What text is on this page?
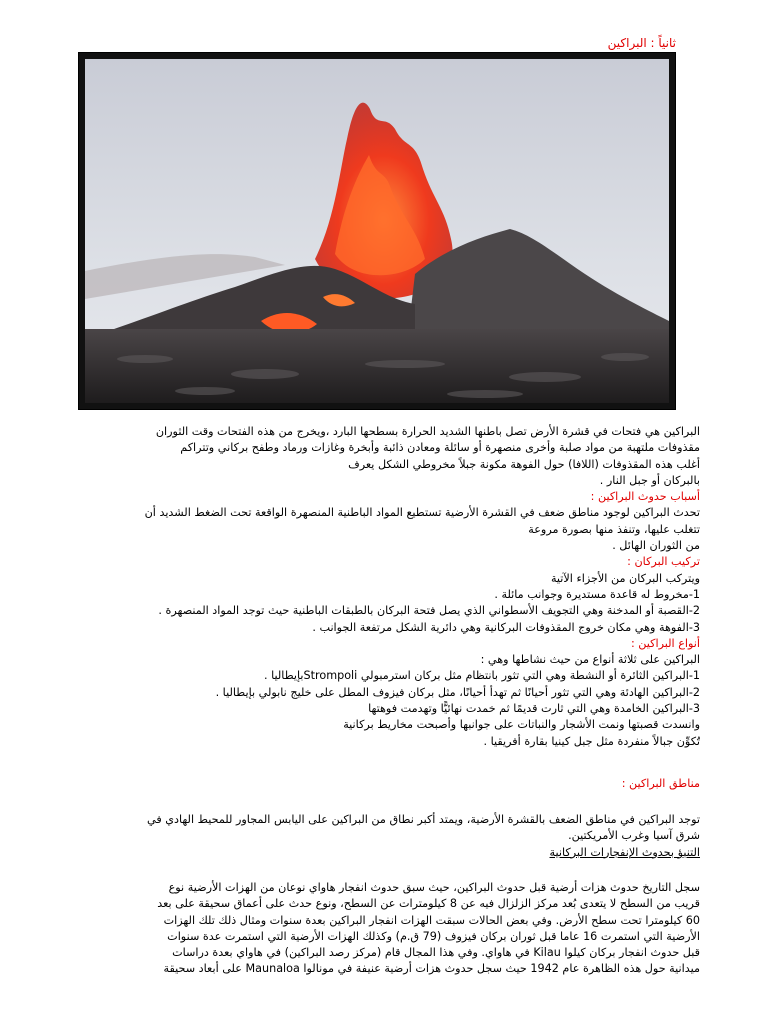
ثانياً : البراكين

البراكين هي فتحات في قشرة الأرض تصل باطنها الشديد الحرارة بسطحها البارد ،ويخرج من هذه الفتحات وقت الثوران

مقذوفات ملتهبة من مواد صلبة وأخرى منصهرة أو سائلة ومعادن ذائبة وأبخرة وغازات ورماد وطفح بركاني وتتراكم

أغلب هذه المقذوفات (اللافا) حول الفوهة مكونة جبلاً مخروطي الشكل يعرف

بالبركان أو جبل النار .

أسباب حدوث البراكين :

تحدث البراكين لوجود مناطق ضعف في القشرة الأرضية تستطيع المواد الباطنية المنصهرة الواقعة تحت الضغط الشديد أن

تتغلب عليها، وتنفذ منها بصورة مروعة

من الثوران الهائل .

تركيب البركان :

ويتركب البركان من الأجزاء الآتية

1-مخروط له قاعدة مستديرة وجوانب مائلة .

2-القصبة أو المدخنة وهي التجويف الأسطواني الذي يصل فتحة البركان بالطبقات الباطنية حيث توجد المواد المنصهرة .

3-الفوهة وهي مكان خروج المقذوفات البركانية وهي دائرية الشكل مرتفعة الجوانب .

أنواع البراكين :

البراكين على ثلاثة أنواع من حيث نشاطها وهي :

1-البراكين الثائرة أو النشطة وهي التي تثور بانتظام مثل بركان استرمبولي Strompoliبإيطاليا .

2-البراكين الهادئة وهي التي تثور أحيانًا ثم تهدأ أحيانًا، مثل بركان فيزوف المطل على خليج نابولي بإيطاليا .

3-البراكين الخامدة وهي التي ثارت قديمًا ثم خمدت نهائيًّا وتهدمت فوهتها

وانسدت قصبتها ونمت الأشجار والنباتات على جوانبها وأصبحت مخاريط بركانية

تُكوِّن جبالاً منفردة مثل جبل كينيا بقارة أفريقيا .

مناطق البراكين :

توجد البراكين في مناطق الضعف بالقشرة الأرضية، ويمتد أكبر نطاق من البراكين على اليابس المجاور للمحيط الهادي في

شرق آسيا وغرب الأمريكتين.

التنبؤ بحدوث الإنفجارات البركانية

سجل التاريخ حدوث هزات أرضية قبل حدوث البراكين، حيث سبق حدوث انفجار هاواي نوعان من الهزات الأرضية نوع

قريب من السطح لا يتعدى بُعد مركز الزلزال فيه عن 8 كيلومترات عن السطح، ونوع حدث على أعماق سحيقة على بعد

60 كيلومترا تحت سطح الأرض. وفي بعض الحالات سبقت الهزات انفجار البراكين بعدة سنوات ومثال ذلك تلك الهزات

الأرضية التي استمرت 16 عاما قبل ثوران بركان فيزوف (79 ق.م) وكذلك الهزات الأرضية التي استمرت عدة سنوات

قبل حدوث انفجار بركان كيلوا Kilau في هاواي. وفي هذا المجال قام (مركز رصد البراكين) في هاواي بعدة دراسات

ميدانية حول هذه الظاهرة عام 1942 حيث سجل حدوث هزات أرضية عنيفة في مونالوا Maunaloa على أبعاد سحيقة
